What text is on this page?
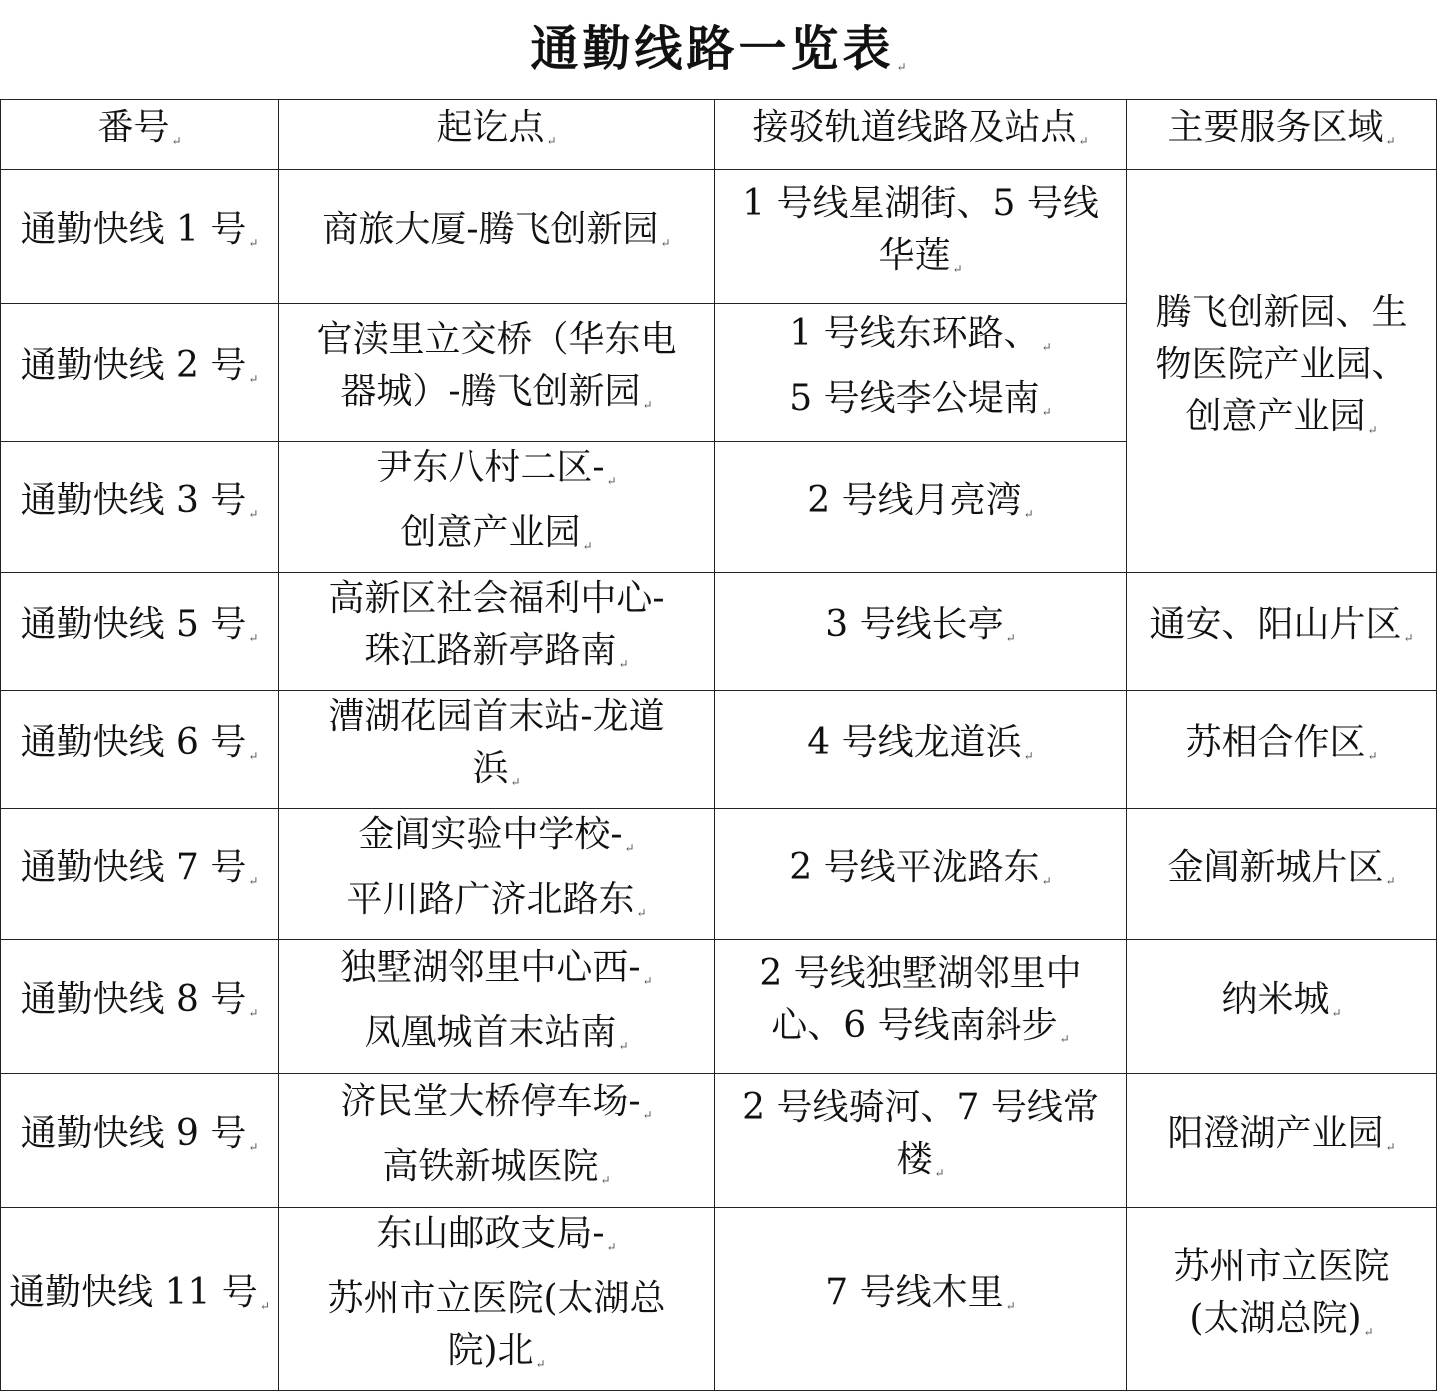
通勤线路一览表 ↵
番号 ↵	起讫点 ↵	接驳轨道线路及站点 ↵	主要服务区域 ↵
通勤快线 1 号 ↵	商旅大厦-腾飞创新园 ↵	1 号线星湖街、5 号线
华莲 ↵	腾飞创新园、生
物医院产业园、
创意产业园 ↵
通勤快线 2 号 ↵	官渎里立交桥（华东电
器城）-腾飞创新园 ↵	1 号线东环路、 ↵
5 号线李公堤南 ↵	
通勤快线 3 号 ↵	尹东八村二区- ↵
创意产业园 ↵	2 号线月亮湾 ↵	
通勤快线 5 号 ↵	高新区社会福利中心-
珠江路新亭路南 ↵	3 号线长亭 ↵	通安、阳山片区 ↵
通勤快线 6 号 ↵	漕湖花园首末站-龙道
浜 ↵	4 号线龙道浜 ↵	苏相合作区 ↵
通勤快线 7 号 ↵	金阊实验中学校- ↵
平川路广济北路东 ↵	2 号线平泷路东 ↵	金阊新城片区 ↵
通勤快线 8 号 ↵	独墅湖邻里中心西- ↵
凤凰城首末站南 ↵	2 号线独墅湖邻里中
心、6 号线南斜步 ↵	纳米城 ↵
通勤快线 9 号 ↵	济民堂大桥停车场- ↵
高铁新城医院 ↵	2 号线骑河、7 号线常
楼 ↵	阳澄湖产业园 ↵
通勤快线 11 号 ↵	东山邮政支局- ↵
苏州市立医院(太湖总
院)北 ↵	7 号线木里 ↵	苏州市立医院
(太湖总院) ↵
